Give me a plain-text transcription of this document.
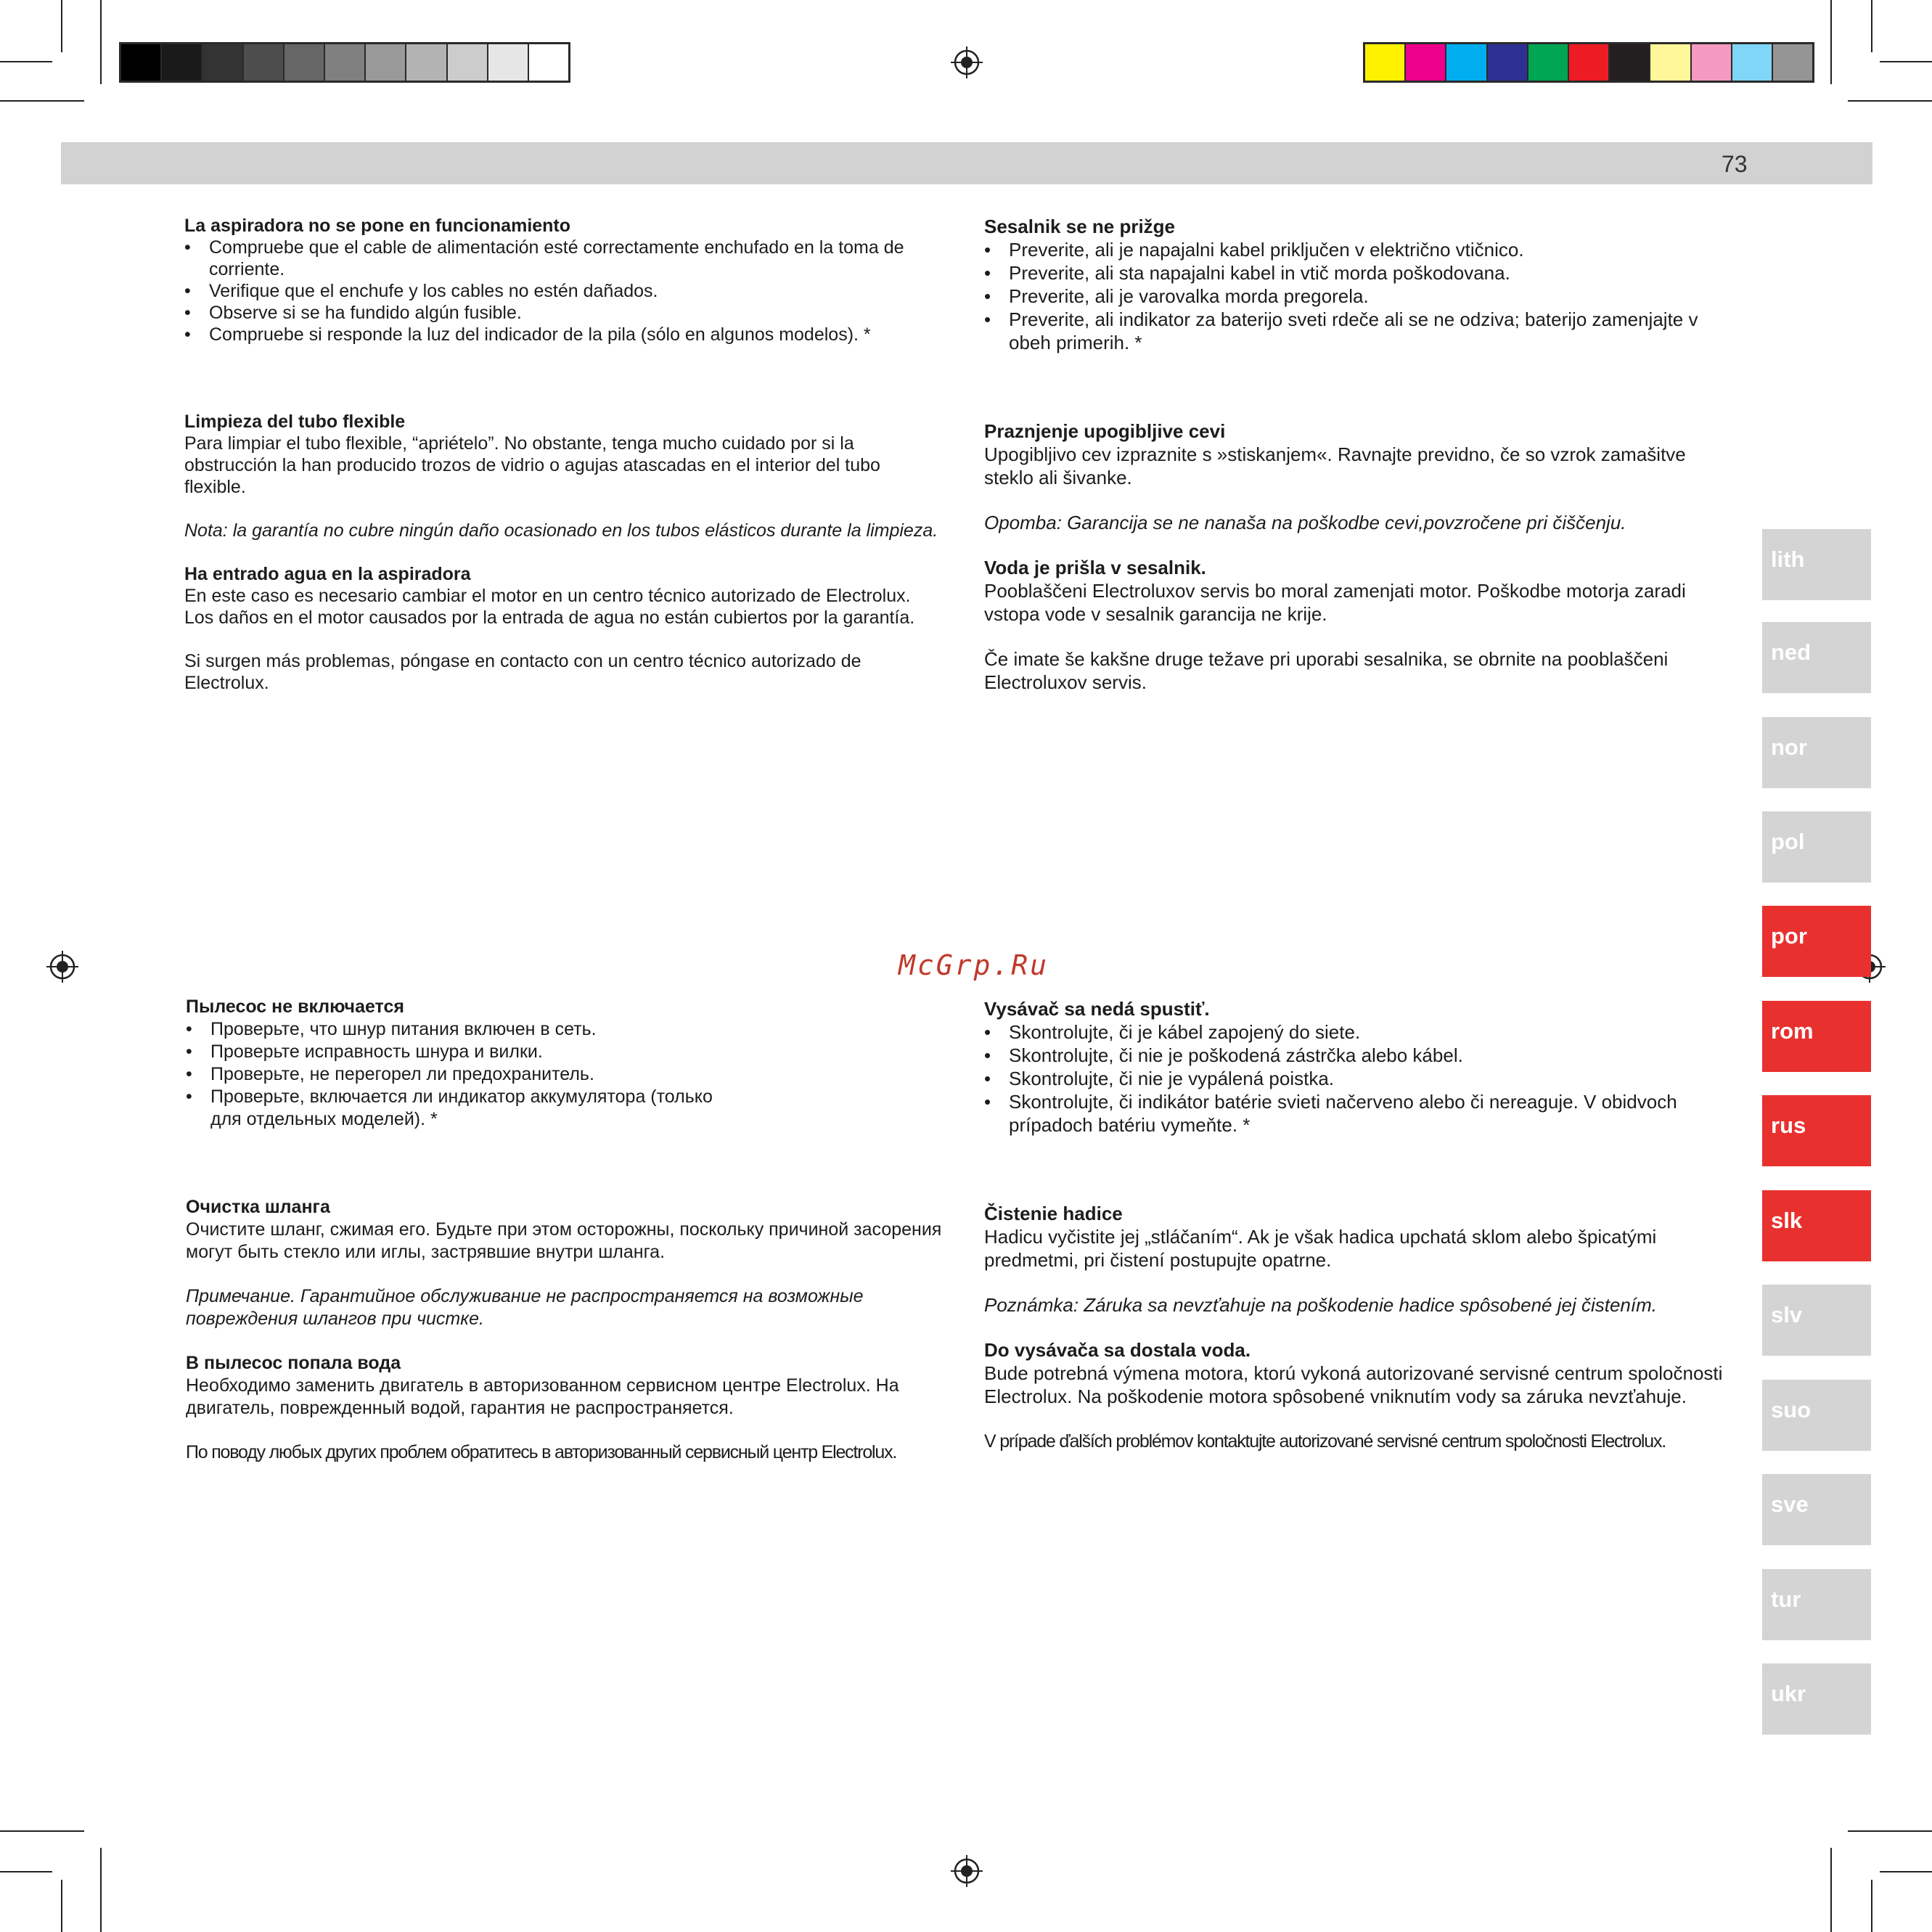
73
La aspiradora no se pone en funcionamiento
• Compruebe que el cable de alimentación esté correctamente enchufado en la toma de corriente.
• Verifique que el enchufe y los cables no estén dañados.
• Observe si se ha fundido algún fusible.
• Compruebe si responde la luz del indicador de la pila (sólo en algunos modelos). *
Limpieza del tubo flexible

Para limpiar el tubo flexible, “apriételo”. No obstante, tenga mucho cuidado por si la obstrucción la han producido trozos de vidrio o agujas atascadas en el interior del tubo flexible.

Nota: la garantía no cubre ningún daño ocasionado en los tubos elásticos durante la limpieza.

Ha entrado agua en la aspiradora

En este caso es necesario cambiar el motor en un centro técnico autorizado de Electrolux. Los daños en el motor causados por la entrada de agua no están cubiertos por la garantía.

Si surgen más problemas, póngase en contacto con un centro técnico autorizado de Electrolux.

Sesalnik se ne prižge
• Preverite, ali je napajalni kabel priključen v električno vtičnico.
• Preverite, ali sta napajalni kabel in vtič morda poškodovana.
• Preverite, ali je varovalka morda pregorela.
• Preverite, ali indikator za baterijo sveti rdeče ali se ne odziva; baterijo zamenjajte v obeh primerih. *
Praznjenje upogibljive cevi

Upogibljivo cev izpraznite s »stiskanjem«. Ravnajte previdno, če so vzrok zamašitve steklo ali šivanke.

Opomba: Garancija se ne nanaša na poškodbe cevi,povzročene pri čiščenju.

Voda je prišla v sesalnik.

Pooblaščeni Electroluxov servis bo moral zamenjati motor. Poškodbe motorja zaradi vstopa vode v sesalnik garancija ne krije.

Če imate še kakšne druge težave pri uporabi sesalnika, se obrnite na pooblaščeni Electroluxov servis.

McGrp.Ru
Пылесос не включается
• Проверьте, что шнур питания включен в сеть.
• Проверьте исправность шнура и вилки.
• Проверьте, не перегорел ли предохранитель.
• Проверьте, включается ли индикатор аккумулятора (только для отдельных моделей). *
Очистка шланга

Очистите шланг, сжимая его. Будьте при этом осторожны, поскольку причиной засорения могут быть стекло или иглы, застрявшие внутри шланга.

Примечание. Гарантийное обслуживание не распространяется на возможные повреждения шлангов при чистке.

В пылесос попала вода

Необходимо заменить двигатель в авторизованном сервисном центре Electrolux. На двигатель, поврежденный водой, гарантия не распространяется.

По поводу любых других проблем обратитесь в авторизованный сервисный центр Electrolux.

Vysávač sa nedá spustiť.
• Skontrolujte, či je kábel zapojený do siete.
• Skontrolujte, či nie je poškodená zástrčka alebo kábel.
• Skontrolujte, či nie je vypálená poistka.
• Skontrolujte, či indikátor batérie svieti načerveno alebo či nereaguje. V obidvoch prípadoch batériu vymeňte. *
Čistenie hadice

Hadicu vyčistite jej „stláčaním“. Ak je však hadica upchatá sklom alebo špicatými predmetmi, pri čistení postupujte opatrne.

Poznámka: Záruka sa nevzťahuje na poškodenie hadice spôsobené jej čistením.

Do vysávača sa dostala voda.

Bude potrebná výmena motora, ktorú vykoná autorizované servisné centrum spoločnosti Electrolux. Na poškodenie motora spôsobené vniknutím vody sa záruka nevzťahuje.

V prípade ďalších problémov kontaktujte autorizované servisné centrum spoločnosti Electrolux.

lith
ned
nor
pol
por
rom
rus
slk
slv
suo
sve
tur
ukr
